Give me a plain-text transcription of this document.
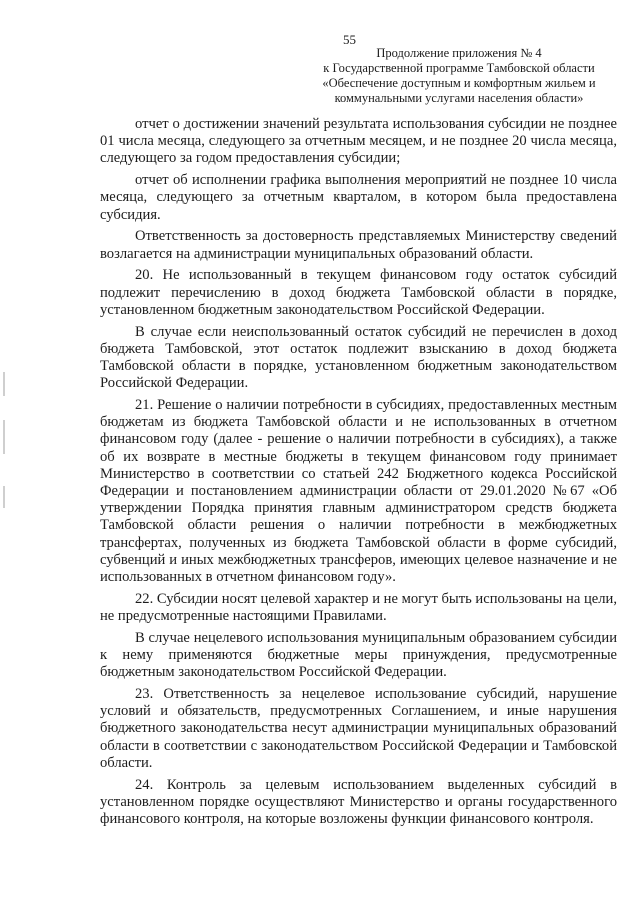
55
Продолжение приложения № 4
к Государственной программе Тамбовской области
«Обеспечение доступным и комфортным жильем и
коммунальными услугами населения области»

отчет о достижении значений результата использования субсидии не позднее 01 числа месяца, следующего за отчетным месяцем, и не позднее 20 числа месяца, следующего за годом предоставления субсидии;

отчет об исполнении графика выполнения мероприятий не позднее 10 числа месяца, следующего за отчетным кварталом, в котором была предоставлена субсидия.

Ответственность за достоверность представляемых Министерству сведений возлагается на администрации муниципальных образований области.

20. Не использованный в текущем финансовом году остаток субсидий подлежит перечислению в доход бюджета Тамбовской области в порядке, установленном бюджетным законодательством Российской Федерации.

В случае если неиспользованный остаток субсидий не перечислен в доход бюджета Тамбовской, этот остаток подлежит взысканию в доход бюджета Тамбовской области в порядке, установленном бюджетным законодательством Российской Федерации.

21. Решение о наличии потребности в субсидиях, предоставленных местным бюджетам из бюджета Тамбовской области и не использованных в отчетном финансовом году (далее - решение о наличии потребности в субсидиях), а также об их возврате в местные бюджеты в текущем финансовом году принимает Министерство в соответствии со статьей 242 Бюджетного кодекса Российской Федерации и постановлением администрации области от 29.01.2020 №67 «Об утверждении Порядка принятия главным администратором средств бюджета Тамбовской области решения о наличии потребности в межбюджетных трансфертах, полученных из бюджета Тамбовской области в форме субсидий, субвенций и иных межбюджетных трансферов, имеющих целевое назначение и не использованных в отчетном финансовом году».

22. Субсидии носят целевой характер и не могут быть использованы на цели, не предусмотренные настоящими Правилами.

В случае нецелевого использования муниципальным образованием субсидии к нему применяются бюджетные меры принуждения, предусмотренные бюджетным законодательством Российской Федерации.

23. Ответственность за нецелевое использование субсидий, нарушение условий и обязательств, предусмотренных Соглашением, и иные нарушения бюджетного законодательства несут администрации муниципальных образований области в соответствии с законодательством Российской Федерации и Тамбовской области.

24. Контроль за целевым использованием выделенных субсидий в установленном порядке осуществляют Министерство и органы государственного финансового контроля, на которые возложены функции финансового контроля.
